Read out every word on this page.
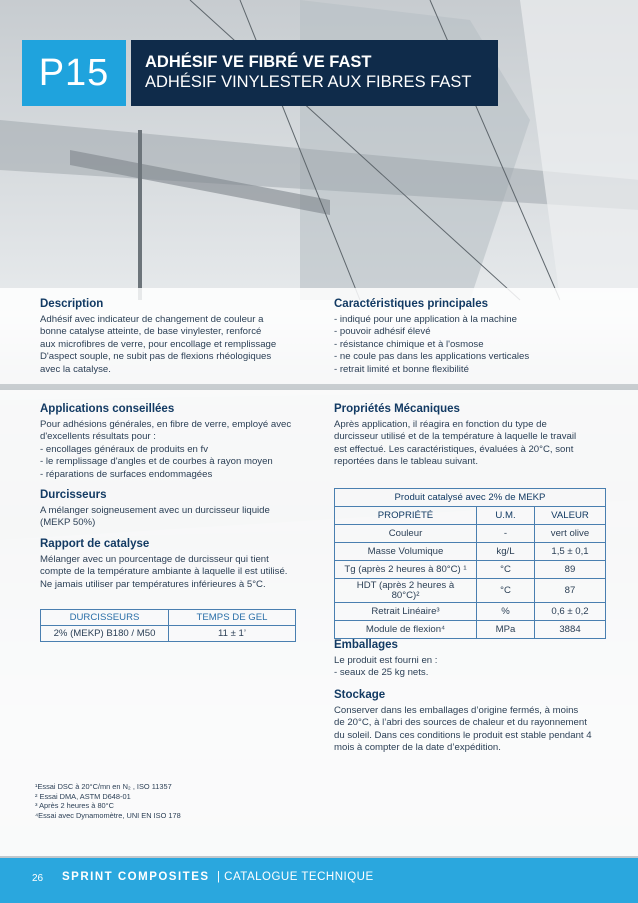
P15	ADHÉSIF VE FIBRÉ VE FAST
ADHÉSIF VINYLESTER AUX FIBRES FAST
Description
Adhésif avec indicateur de changement de couleur a
bonne catalyse atteinte, de base vinylester, renforcé
aux microfibres de verre, pour encollage et remplissage
D'aspect souple, ne subit pas de flexions rhéologiques
avec la catalyse.
Caractéristiques principales
- indiqué pour une application à la machine
- pouvoir adhésif élevé
- résistance chimique et à l'osmose
- ne coule pas dans les applications verticales
- retrait limité et bonne flexibilité
Applications conseillées
Pour adhésions générales, en fibre de verre, employé avec
d'excellents résultats pour :
- encollages généraux de produits en fv
- le remplissage d'angles et de courbes à rayon moyen
- réparations de surfaces endommagées
Durcisseurs
A mélanger soigneusement avec un durcisseur liquide
(MEKP 50%)
Rapport de catalyse
Mélanger avec un pourcentage de durcisseur qui tient
compte de la température ambiante à laquelle il est utilisé.
Ne jamais utiliser par températures inférieures à 5°C.
DURCISSEURS	TEMPS DE GEL
2% (MEKP) B180 / M50	11 ± 1’
Propriétés Mécaniques
Après application, il réagira en fonction du type de
durcisseur utilisé et de la température à laquelle le travail
est effectué. Les caractéristiques, évaluées à 20°C, sont
reportées dans le tableau suivant.
Produit catalysé avec 2% de MEKP		
PROPRIÉTÉ	U.M.	VALEUR
Couleur	-	vert olive
Masse Volumique	kg/L	1,5 ± 0,1
Tg (après 2 heures à 80°C) ¹	°C	89
HDT (après 2 heures à 80°C)²	°C	87
Retrait Linéaire³	%	0,6 ± 0,2
Module de flexion⁴	MPa	3884
Emballages
Le produit est fourni en :
- seaux de 25 kg nets.
Stockage
Conserver dans les emballages d’origine fermés, à moins
de 20°C, à l’abri des sources de chaleur et du rayonnement
du soleil. Dans ces conditions le produit est stable pendant 4
mois à compter de la date d’expédition.
¹Essai DSC à 20°C/mn en N₂ , ISO 11357
² Essai DMA, ASTM D648-01
³ Après 2 heures à 80°C
⁴Essai avec Dynamomètre, UNI EN ISO 178
26 SPRINT COMPOSITES | CATALOGUE TECHNIQUE
